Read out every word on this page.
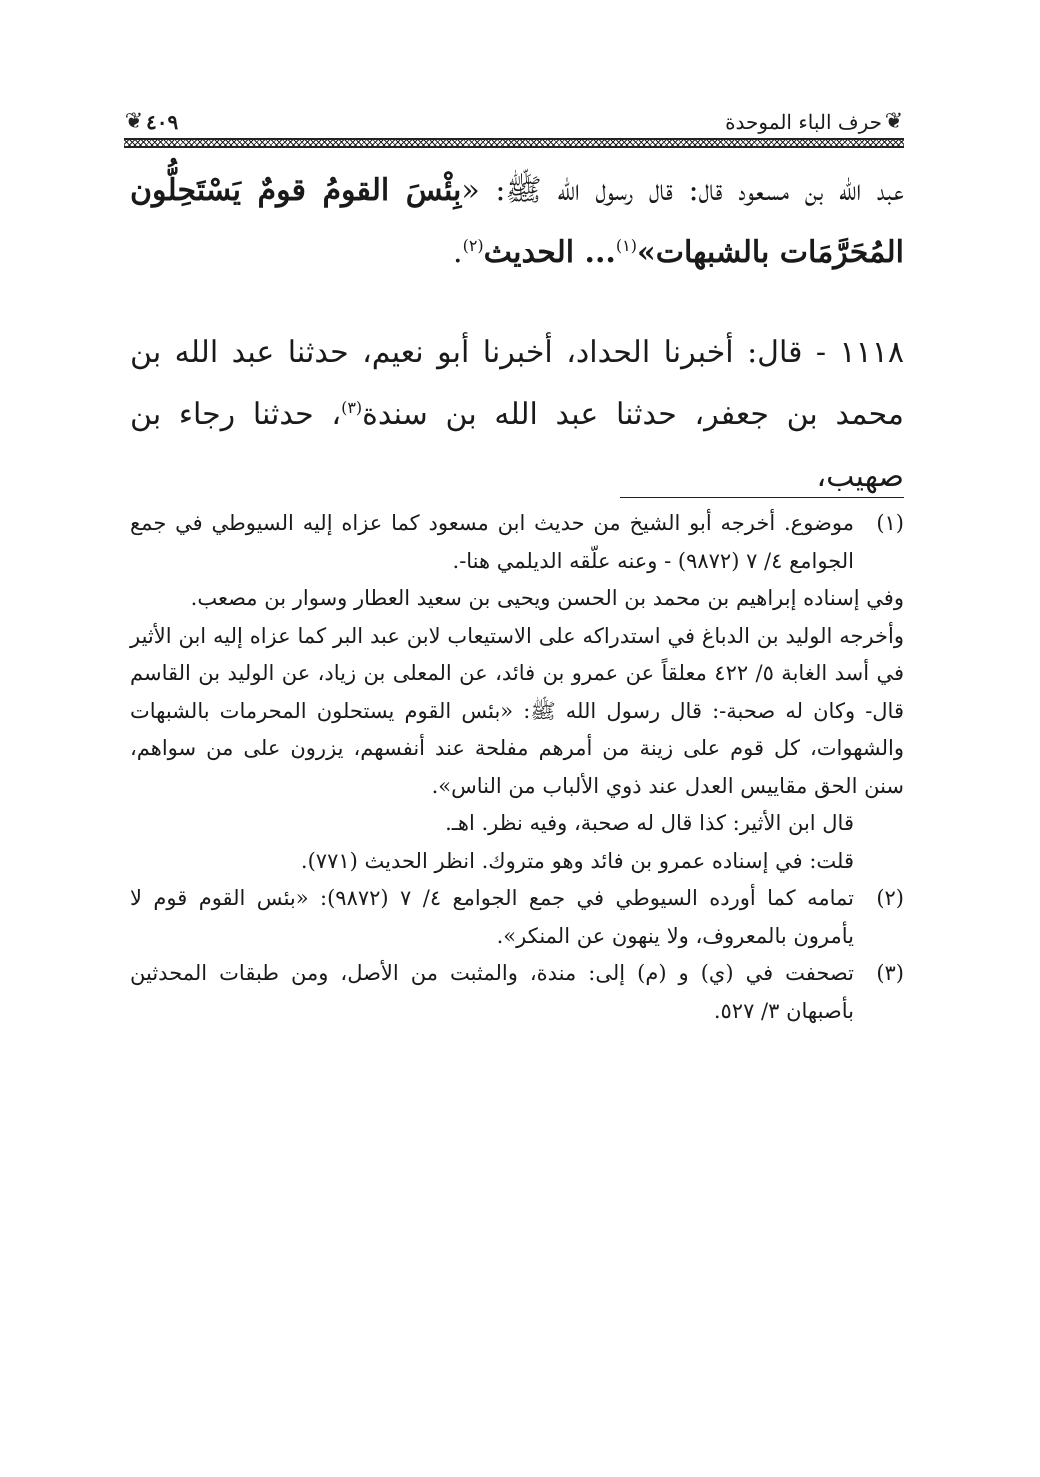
❦
حرف الباء الموحدة
٤٠٩
❦

عبد الله بن مسعود قال: قال رسول الله ﷺ: «بِئْسَ القومُ قومٌ يَسْتَحِلُّون المُحَرَّمَات بالشبهات»$^{(١)}$... الحديث$^{(٢)}$.

١١١٨ - قال: أخبرنا الحداد، أخبرنا أبو نعيم، حدثنا عبد الله بن محمد بن جعفر، حدثنا عبد الله بن سندة$^{(٣)}$، حدثنا رجاء بن صهيب،

(١)

موضوع. أخرجه أبو الشيخ من حديث ابن مسعود كما عزاه إليه السيوطي في جمع الجوامع ٤/ ٧ (٩٨٧٢) - وعنه علّقه الديلمي هنا-.

وفي إسناده إبراهيم بن محمد بن الحسن ويحيى بن سعيد العطار وسوار بن مصعب.

وأخرجه الوليد بن الدباغ في استدراكه على الاستيعاب لابن عبد البر كما عزاه إليه ابن الأثير في أسد الغابة ٥/ ٤٢٢ معلقاً عن عمرو بن فائد، عن المعلى بن زياد، عن الوليد بن القاسم قال- وكان له صحبة-: قال رسول الله ﷺ: «بئس القوم يستحلون المحرمات بالشبهات والشهوات، كل قوم على زينة من أمرهم مفلحة عند أنفسهم، يزرون على من سواهم، سنن الحق مقاييس العدل عند ذوي الألباب من الناس».

قال ابن الأثير: كذا قال له صحبة، وفيه نظر. اهـ.

قلت: في إسناده عمرو بن فائد وهو متروك. انظر الحديث (٧٧١).

(٢)

تمامه كما أورده السيوطي في جمع الجوامع ٤/ ٧ (٩٨٧٢): «بئس القوم قوم لا يأمرون بالمعروف، ولا ينهون عن المنكر».

(٣)

تصحفت في (ي) و (م) إلى: مندة، والمثبت من الأصل، ومن طبقات المحدثين بأصبهان ٣/ ٥٢٧.
